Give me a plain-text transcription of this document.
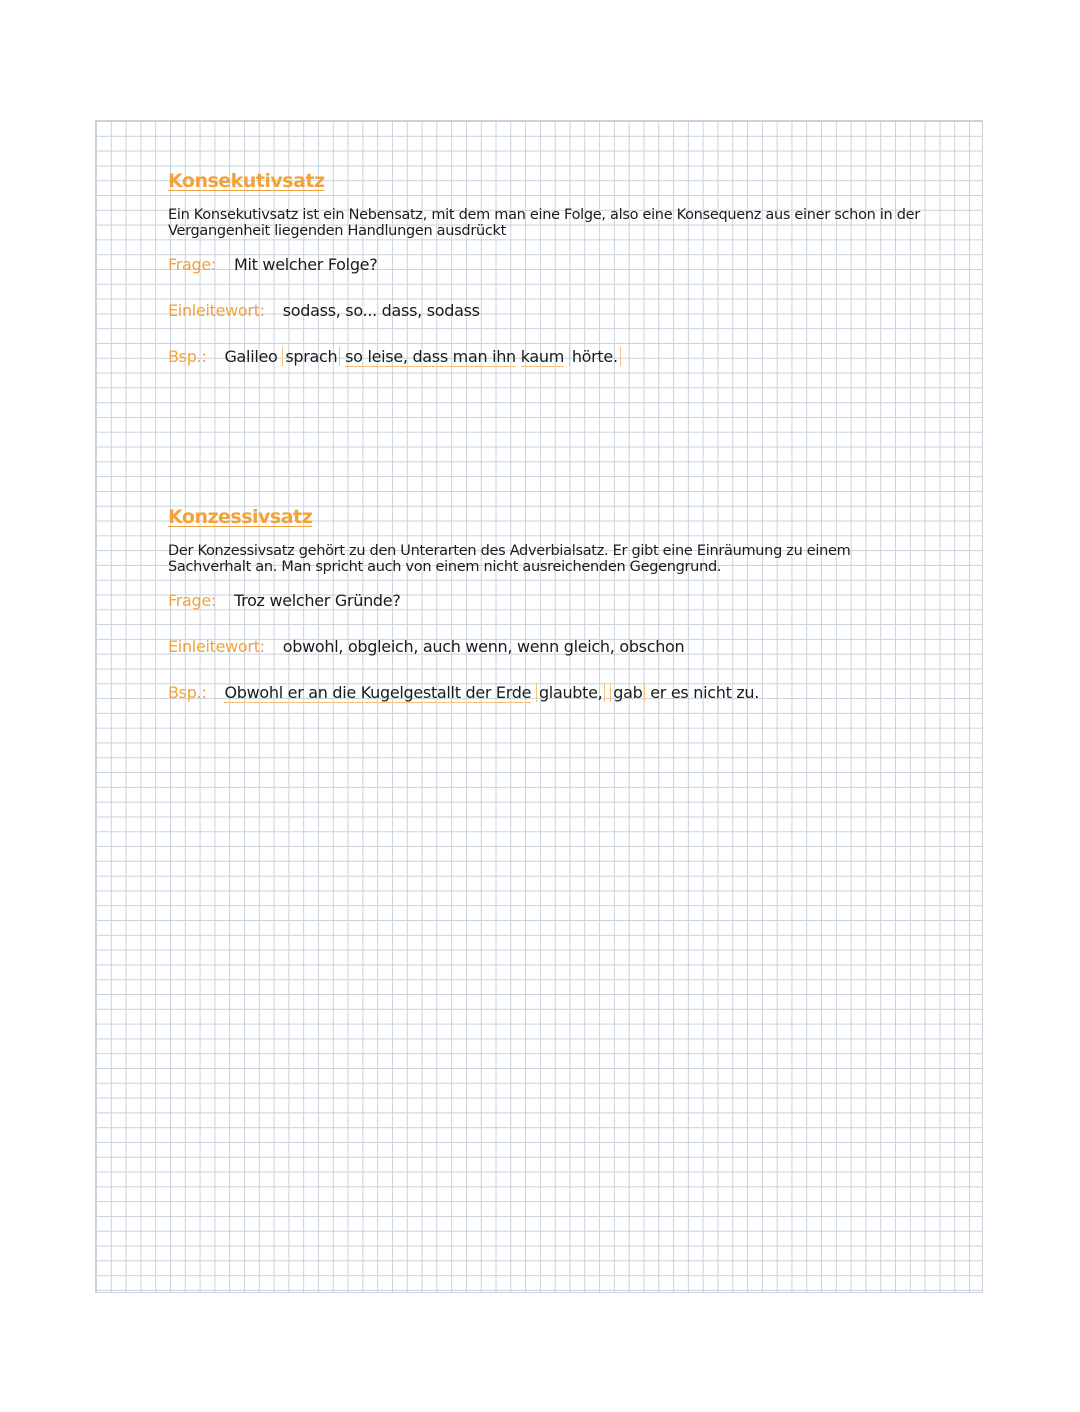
Konsekutivsatz
Ein Konsekutivsatz ist ein Nebensatz, mit dem man eine Folge, also eine Konsequenz aus einer schon in der Vergangenheit liegenden Handlungen ausdrückt
Frage: Mit welcher Folge?
Einleitewort: sodass, so... dass, sodass
Bsp.: Galileo sprach so leise, dass man ihn kaum hörte.
Konzessivsatz
Der Konzessivsatz gehört zu den Unterarten des Adverbialsatz. Er gibt eine Einräumung zu einem Sachverhalt an. Man spricht auch von einem nicht ausreichenden Gegengrund.
Frage: Troz welcher Gründe?
Einleitewort: obwohl, obgleich, auch wenn, wenn gleich, obschon
Bsp.: Obwohl er an die Kugelgestallt der Erde glaubte, gab er es nicht zu.
